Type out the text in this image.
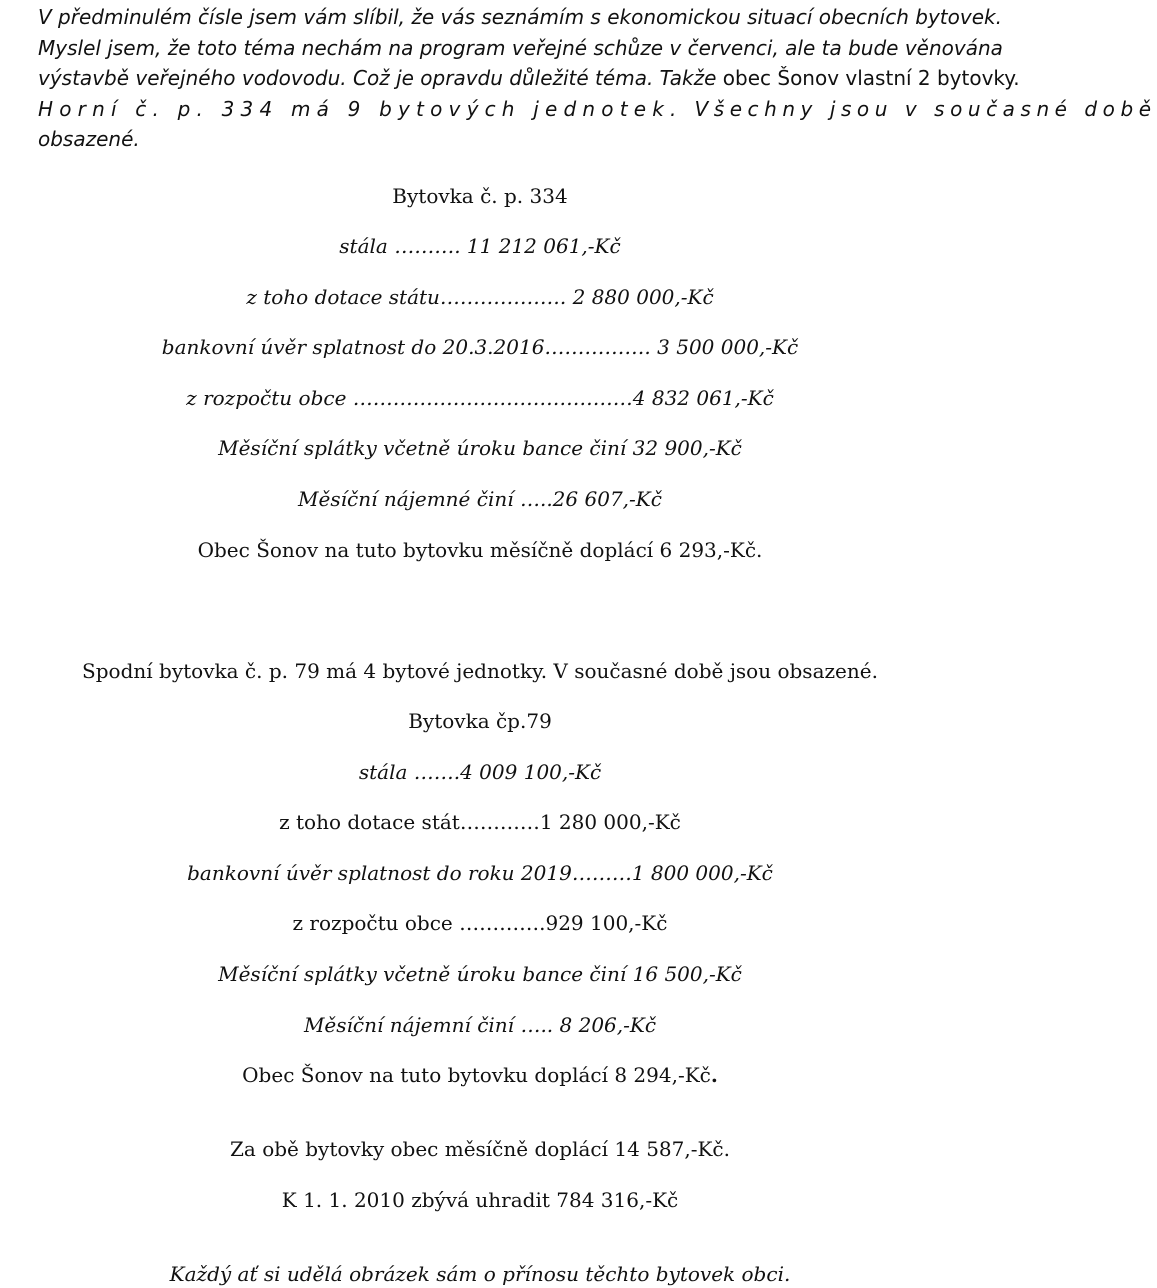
V předminulém čísle jsem vám slíbil, že vás seznámím s ekonomickou situací obecních bytovek.
Myslel jsem, že toto téma nechám na program veřejné schůze v červenci, ale ta bude věnována
výstavbě veřejného vodovodu. Což je opravdu důležité téma. Takže obec Šonov vlastní 2 bytovky.
Horní č. p. 334 má 9 bytových jednotek. Všechny jsou v současné době
obsazené.
Bytovka č. p. 334
stála ………. 11 212 061,-Kč
z toho dotace státu………………. 2 880 000,-Kč
bankovní úvěr splatnost do 20.3.2016……………. 3 500 000,-Kč
z rozpočtu obce ……………………………………4 832 061,-Kč
Měsíční splátky včetně úroku bance činí 32 900,-Kč
Měsíční nájemné činí …..26 607,-Kč
Obec Šonov na tuto bytovku měsíčně doplácí 6 293,-Kč.
Spodní bytovka č. p. 79 má 4 bytové jednotky. V současné době jsou obsazené.
Bytovka čp.79
stála …….4 009 100,-Kč
z toho dotace stát…………1 280 000,-Kč
bankovní úvěr splatnost do roku 2019………1 800 000,-Kč
z rozpočtu obce ………….929 100,-Kč
Měsíční splátky včetně úroku bance činí 16 500,-Kč
Měsíční nájemní činí ….. 8 206,-Kč
Obec Šonov na tuto bytovku doplácí 8 294,-Kč.
Za obě bytovky obec měsíčně doplácí 14 587,-Kč.
K 1. 1. 2010 zbývá uhradit 784 316,-Kč
Každý ať si udělá obrázek sám o přínosu těchto bytovek obci.
